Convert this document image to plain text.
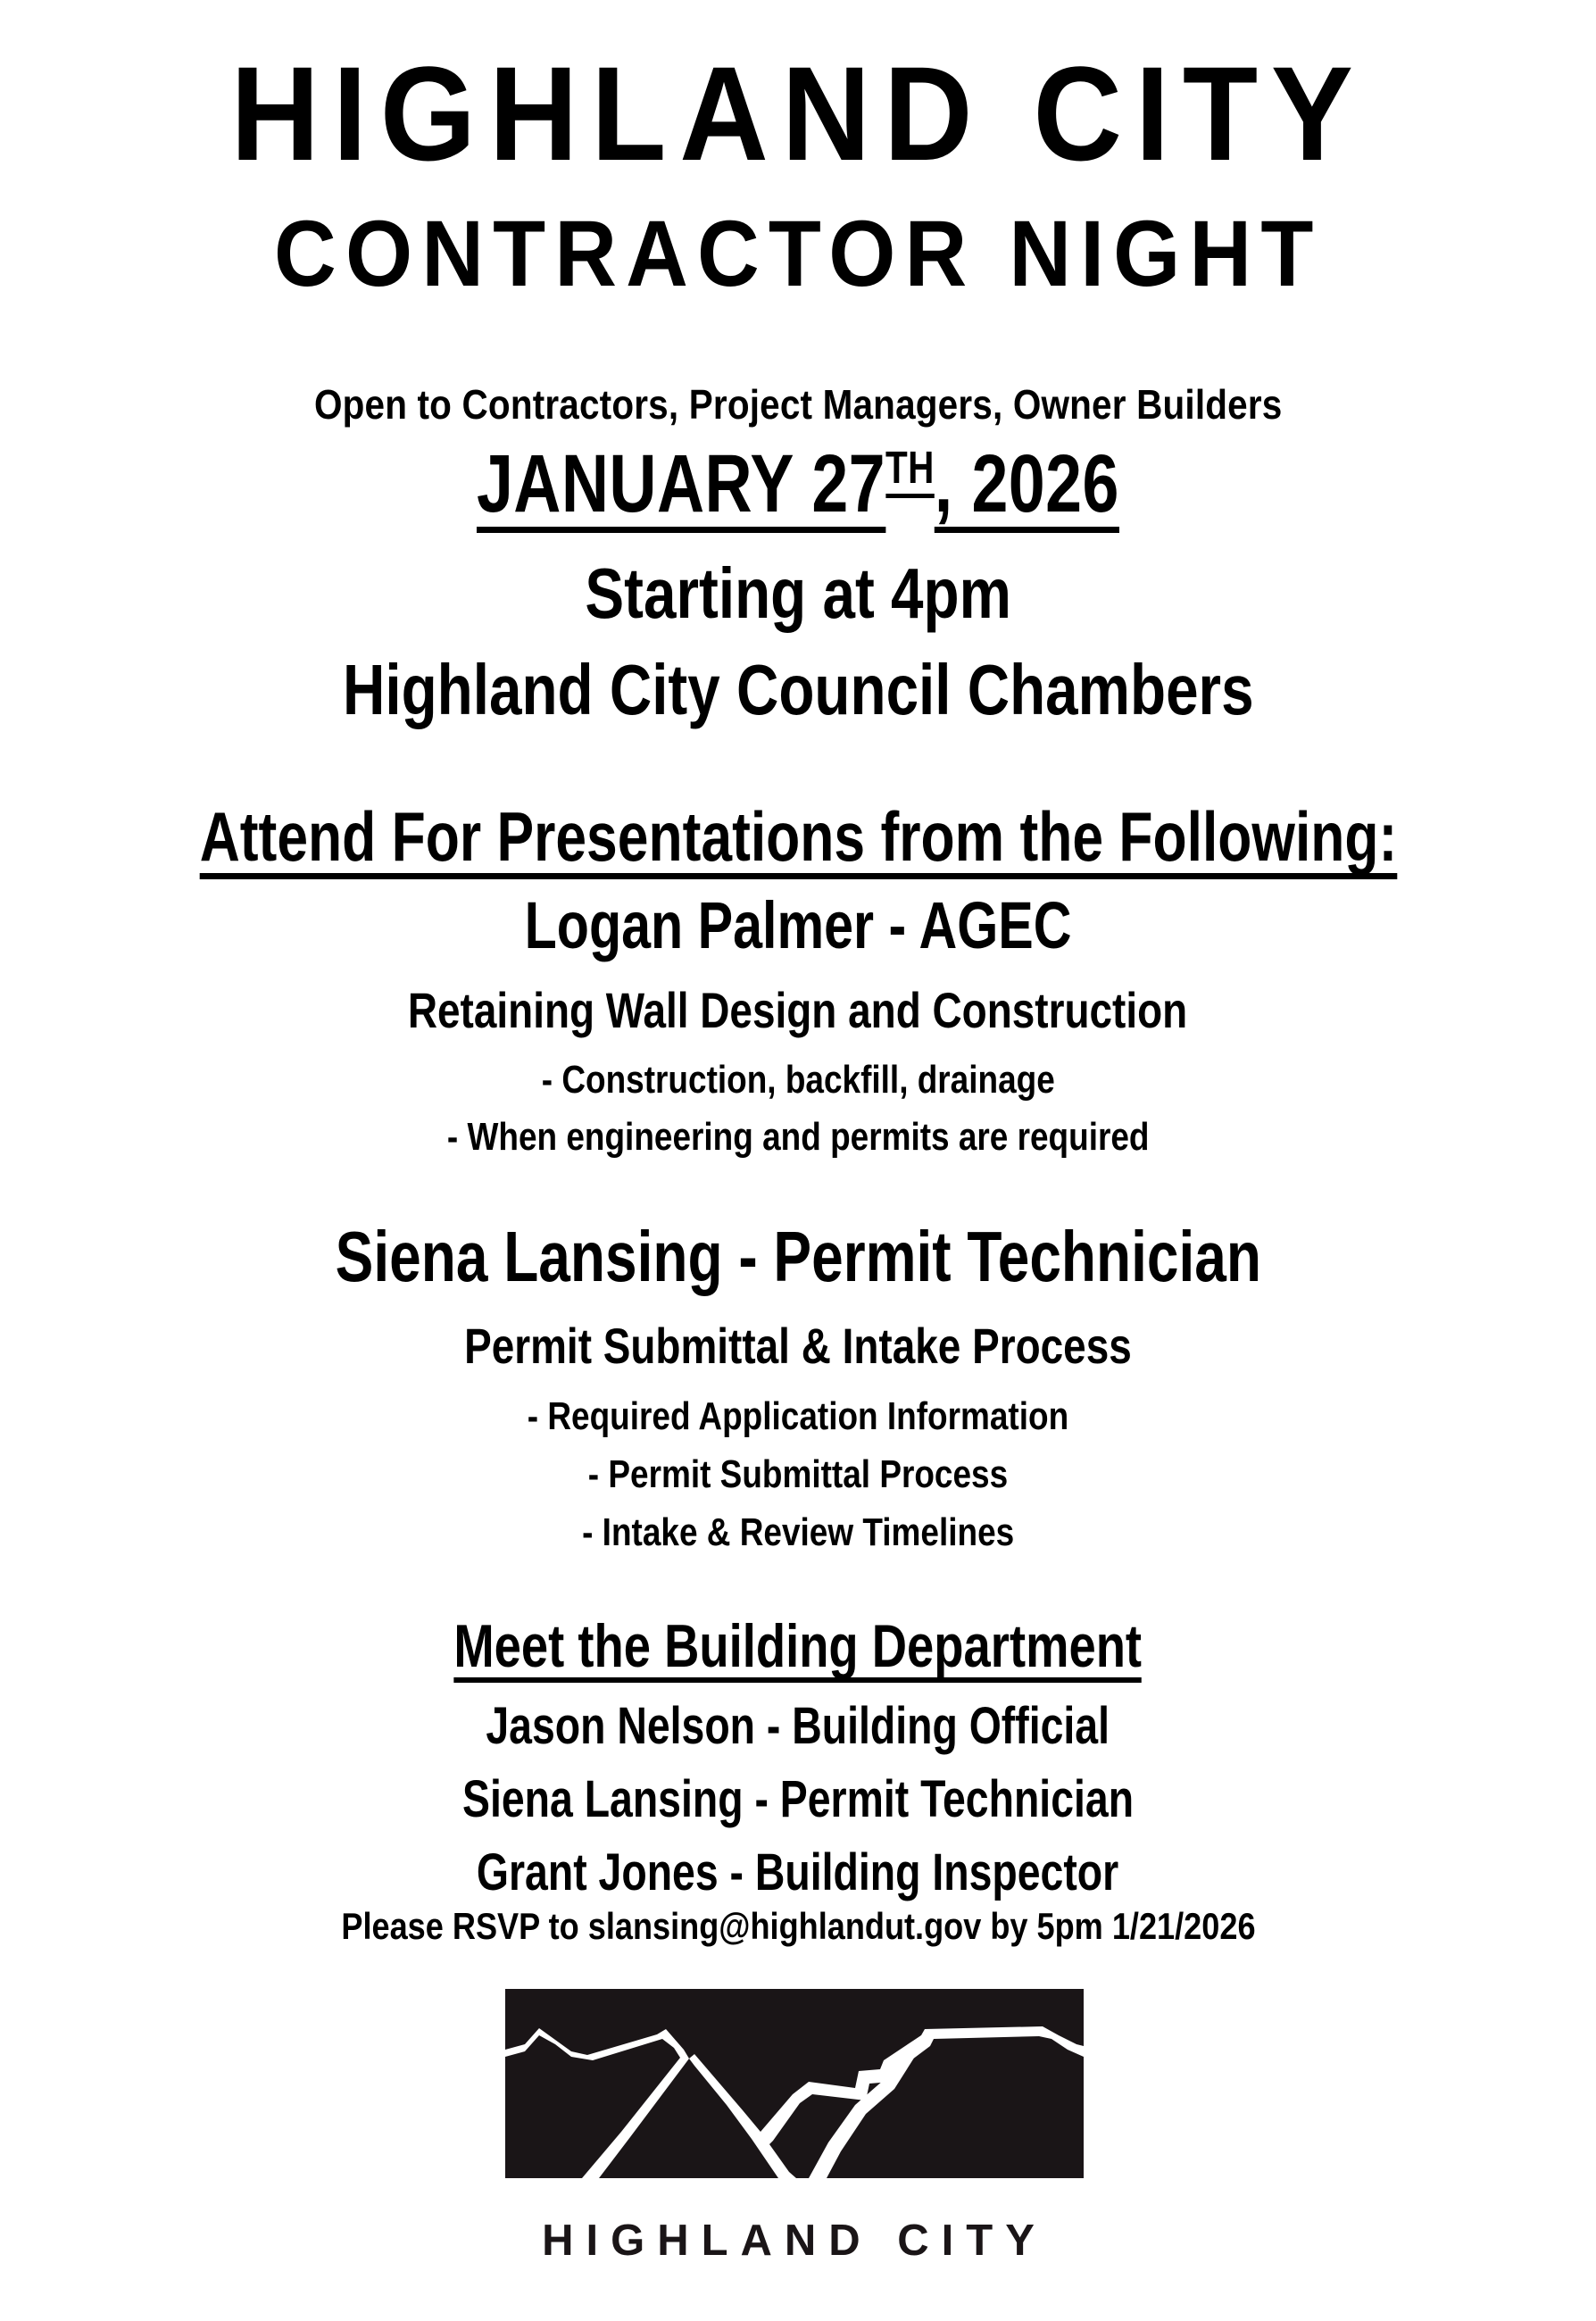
HIGHLAND CITY
CONTRACTOR NIGHT
Open to Contractors, Project Managers, Owner Builders
JANUARY 27TH, 2026
Starting at 4pm
Highland City Council Chambers
Attend For Presentations from the Following:
Logan Palmer - AGEC
Retaining Wall Design and Construction
- Construction, backfill, drainage
- When engineering and permits are required
Siena Lansing - Permit Technician
Permit Submittal & Intake Process
- Required Application Information
- Permit Submittal Process
- Intake & Review Timelines
Meet the Building Department
Jason Nelson - Building Official
Siena Lansing - Permit Technician
Grant Jones - Building Inspector
Please RSVP to slansing@highlandut.gov by 5pm 1/21/2026
HIGHLAND CITY
